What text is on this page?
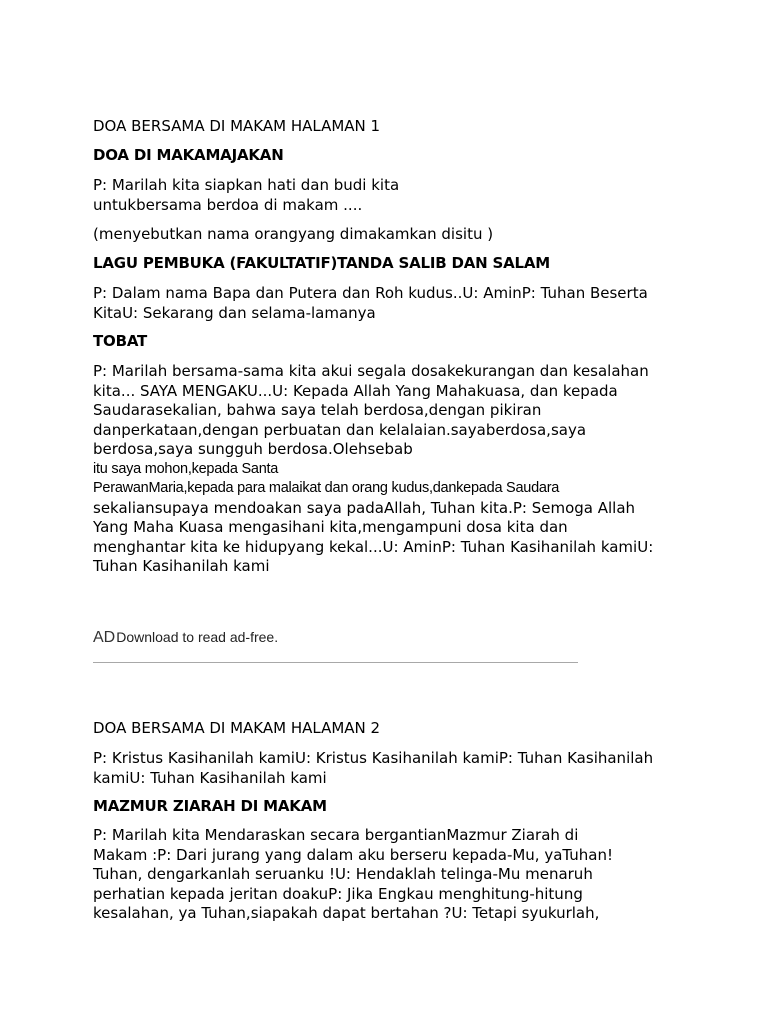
DOA BERSAMA DI MAKAM HALAMAN 1

DOA DI MAKAMAJAKAN

P: Marilah kita siapkan hati dan budi kita
untukbersama berdoa di makam ....

(menyebutkan nama orangyang dimakamkan disitu )

LAGU PEMBUKA (FAKULTATIF)TANDA SALIB DAN SALAM

P: Dalam nama Bapa dan Putera dan Roh kudus..U: AminP: Tuhan Beserta
KitaU: Sekarang dan selama-lamanya

TOBAT

P: Marilah bersama-sama kita akui segala dosakekurangan dan kesalahan
kita... SAYA MENGAKU...U: Kepada Allah Yang Mahakuasa, dan kepada
Saudarasekalian, bahwa saya telah berdosa,dengan pikiran
danperkataan,dengan perbuatan dan kelalaian.sayaberdosa,saya
berdosa,saya sungguh berdosa.Olehsebab
itu saya mohon,kepada Santa
PerawanMaria,kepada para malaikat dan orang kudus,dankepada Saudara
sekaliansupaya mendoakan saya padaAllah, Tuhan kita.P: Semoga Allah
Yang Maha Kuasa mengasihani kita,mengampuni dosa kita dan
menghantar kita ke hidupyang kekal...U: AminP: Tuhan Kasihanilah kamiU:
Tuhan Kasihanilah kami

ADDownload to read ad-free.

DOA BERSAMA DI MAKAM HALAMAN 2

P: Kristus Kasihanilah kamiU: Kristus Kasihanilah kamiP: Tuhan Kasihanilah
kamiU: Tuhan Kasihanilah kami

MAZMUR ZIARAH DI MAKAM

P: Marilah kita Mendaraskan secara bergantianMazmur Ziarah di
Makam :P: Dari jurang yang dalam aku berseru kepada-Mu, yaTuhan!
Tuhan, dengarkanlah seruanku !U: Hendaklah telinga-Mu menaruh
perhatian kepada jeritan doakuP: Jika Engkau menghitung-hitung
kesalahan, ya Tuhan,siapakah dapat bertahan ?U: Tetapi syukurlah,
